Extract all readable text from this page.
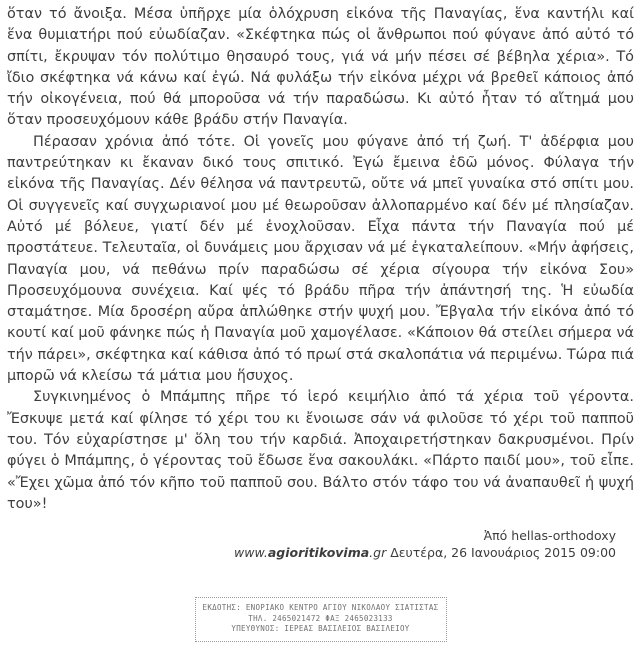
ὅταν τό ἄνοιξα. Μέσα ὑπῆρχε μία ὁλόχρυση εἰκόνα τῆς Παναγίας, ἕνα καντήλι καί ἕνα θυμιατήρι πού εὐωδίαζαν. «Σκέφτηκα πώς οἱ ἄνθρωποι πού φύγανε ἀπό αὐτό τό σπίτι, ἔκρυψαν τόν πολύτιμο θησαυρό τους, γιά νά μήν πέσει σέ βέβηλα χέρια». Τό ἴδιο σκέφτηκα νά κάνω καί ἐγώ. Νά φυλάξω τήν εἰκόνα μέχρι νά βρεθεῖ κάποιος ἀπό τήν οἰκογένεια, πού θά μποροῦσα νά τήν παραδώσω. Κι αὐτό ἦταν τό αἴτημά μου ὅταν προσευχόμουν κάθε βράδυ στήν Παναγία.

Πέρασαν χρόνια ἀπό τότε. Οἱ γονεῖς μου φύγανε ἀπό τή ζωή. Τ' ἀδέρφια μου παντρεύτηκαν κι ἔκαναν δικό τους σπιτικό. Ἐγώ ἔμεινα ἐδῶ μόνος. Φύλαγα τήν εἰκόνα τῆς Παναγίας. Δέν θέλησα νά παντρευτῶ, οὔτε νά μπεῖ γυναίκα στό σπίτι μου. Οἱ συγγενεῖς καί συγχωριανοί μου μέ θεωροῦσαν ἀλλοπαρμένο καί δέν μέ πλησίαζαν. Αὐτό μέ βόλευε, γιατί δέν μέ ἐνοχλοῦσαν. Εἶχα πάντα τήν Παναγία πού μέ προστάτευε. Τελευταῖα, οἱ δυνάμεις μου ἄρχισαν νά μέ ἐγκαταλείπουν. «Μήν ἀφήσεις, Παναγία μου, νά πεθάνω πρίν παραδώσω σέ χέρια σίγουρα τήν εἰκόνα Σου» Προσευχόμουνα συνέχεια. Καί ψές τό βράδυ πῆρα τήν ἀπάντησή της. Ἡ εὐωδία σταμάτησε. Μία δροσέρη αὔρα ἁπλώθηκε στήν ψυχή μου. Ἔβγαλα τήν εἰκόνα ἀπό τό κουτί καί μοῦ φάνηκε πώς ἡ Παναγία μοῦ χαμογέλασε. «Κάποιον θά στείλει σήμερα νά τήν πάρει», σκέφτηκα καί κάθισα ἀπό τό πρωί στά σκαλοπάτια νά περιμένω. Τώρα πιά μπορῶ νά κλείσω τά μάτια μου ἥσυχος.

Συγκινημένος ὁ Μπάμπης πῆρε τό ἱερό κειμήλιο ἀπό τά χέρια τοῦ γέροντα. Ἔσκυψε μετά καί φίλησε τό χέρι του κι ἔνοιωσε σάν νά φιλοῦσε τό χέρι τοῦ παπποῦ του. Τόν εὐχαρίστησε μ' ὅλη του τήν καρδιά. Ἀποχαιρετήστηκαν δακρυσμένοι. Πρίν φύγει ὁ Μπάμπης, ὁ γέροντας τοῦ ἔδωσε ἕνα σακουλάκι. «Πάρτο παιδί μου», τοῦ εἶπε. «Ἔχει χῶμα ἀπό τόν κῆπο τοῦ παπποῦ σου. Βάλτο στόν τάφο του νά ἀναπαυθεῖ ἡ ψυχή του»!

Ἀπό hellas-orthodoxy
www.agioritikovima.gr Δευτέρα, 26 Ιανουάριος 2015 09:00
ΕΚΔΟΤΗΣ: ΕΝΟΡΙΑΚΟ ΚΕΝΤΡΟ ΑΓΙΟΥ ΝΙΚΟΛΑΟΥ ΣΙΑΤΙΣΤΑΣ
ΤΗΛ. 2465021472 ΦΑΞ 2465023133
ΥΠΕΥΘΥΝΟΣ: ΙΕΡΕΑΣ ΒΑΣΙΛΕΙΟΣ ΒΑΣΙΛΕΙΟΥ
